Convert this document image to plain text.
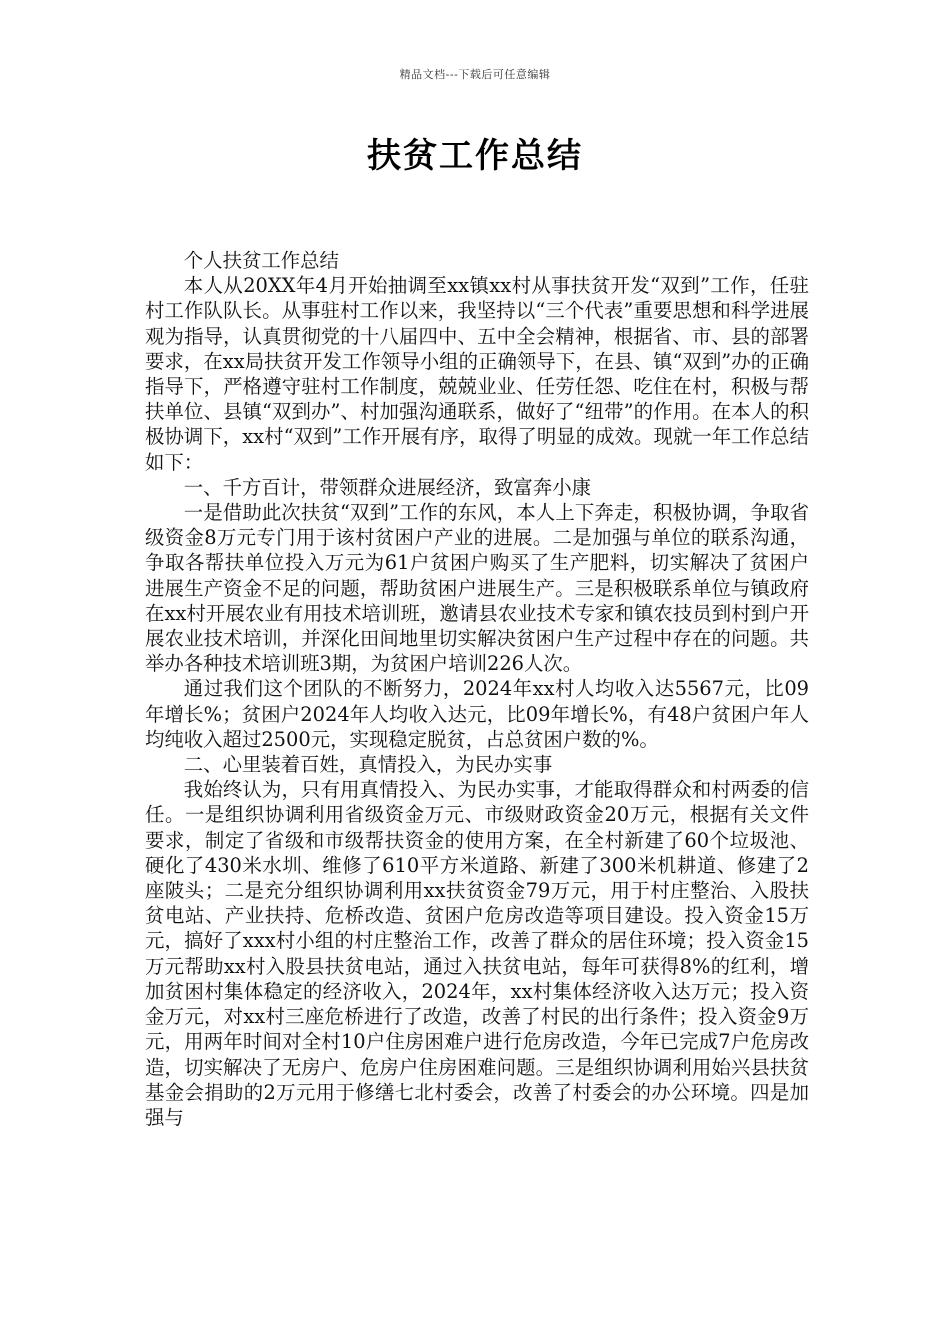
精品文档---下载后可任意编辑
扶贫工作总结

个人扶贫工作总结

本人从20XX年4月开始抽调至xx镇xx村从事扶贫开发“双到”工作，任驻村工作队队长。从事驻村工作以来，我坚持以“三个代表”重要思想和科学进展观为指导，认真贯彻党的十八届四中、五中全会精神，根据省、市、县的部署要求，在xx局扶贫开发工作领导小组的正确领导下，在县、镇“双到”办的正确指导下，严格遵守驻村工作制度，兢兢业业、任劳任怨、吃住在村，积极与帮扶单位、县镇“双到办”、村加强沟通联系，做好了“纽带”的作用。在本人的积极协调下，xx村“双到”工作开展有序，取得了明显的成效。现就一年工作总结如下：

一、千方百计，带领群众进展经济，致富奔小康

一是借助此次扶贫“双到”工作的东风，本人上下奔走，积极协调，争取省级资金8万元专门用于该村贫困户产业的进展。二是加强与单位的联系沟通，争取各帮扶单位投入万元为61户贫困户购买了生产肥料，切实解决了贫困户进展生产资金不足的问题，帮助贫困户进展生产。三是积极联系单位与镇政府在xx村开展农业有用技术培训班，邀请县农业技术专家和镇农技员到村到户开展农业技术培训，并深化田间地里切实解决贫困户生产过程中存在的问题。共举办各种技术培训班3期，为贫困户培训226人次。

通过我们这个团队的不断努力，2024年xx村人均收入达5567元，比09年增长%；贫困户2024年人均收入达元，比09年增长%，有48户贫困户年人均纯收入超过2500元，实现稳定脱贫，占总贫困户数的%。

二、心里装着百姓，真情投入，为民办实事

我始终认为，只有用真情投入、为民办实事，才能取得群众和村两委的信任。一是组织协调利用省级资金万元、市级财政资金20万元，根据有关文件要求，制定了省级和市级帮扶资金的使用方案，在全村新建了60个垃圾池、硬化了430米水圳、维修了610平方米道路、新建了300米机耕道、修建了2座陂头；二是充分组织协调利用xx扶贫资金79万元，用于村庄整治、入股扶贫电站、产业扶持、危桥改造、贫困户危房改造等项目建设。投入资金15万元，搞好了xxx村小组的村庄整治工作，改善了群众的居住环境；投入资金15万元帮助xx村入股县扶贫电站，通过入扶贫电站，每年可获得8%的红利，增加贫困村集体稳定的经济收入，2024年，xx村集体经济收入达万元；投入资金万元，对xx村三座危桥进行了改造，改善了村民的出行条件；投入资金9万元，用两年时间对全村10户住房困难户进行危房改造，今年已完成7户危房改造，切实解决了无房户、危房户住房困难问题。三是组织协调利用始兴县扶贫基金会捐助的2万元用于修缮七北村委会，改善了村委会的办公环境。四是加强与
